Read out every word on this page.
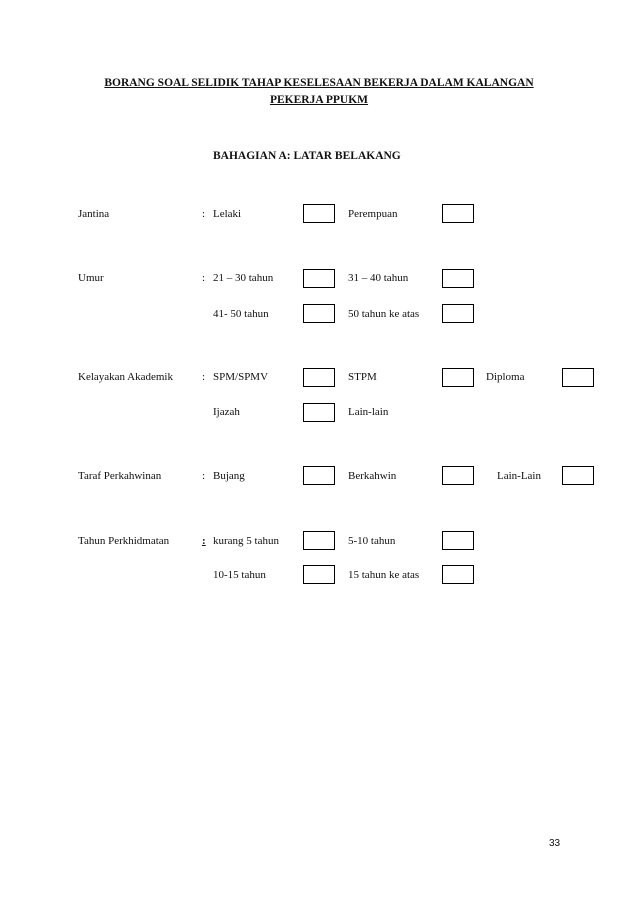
BORANG SOAL SELIDIK TAHAP KESELESAAN BEKERJA DALAM KALANGAN
PEKERJA PPUKM
BAHAGIAN A: LATAR BELAKANG
Jantina	: Lelaki	Perempuan
Umur	: 21 – 30 tahun	31 – 40 tahun
41- 50 tahun	50 tahun ke atas
Kelayakan Akademik	: SPM/SPMV	STPM	Diploma
Ijazah	Lain-lain
Taraf Perkahwinan	: Bujang	Berkahwin	Lain-Lain
Tahun Perkhidmatan	: kurang 5 tahun	5-10 tahun
10-15 tahun	15 tahun ke atas
33
